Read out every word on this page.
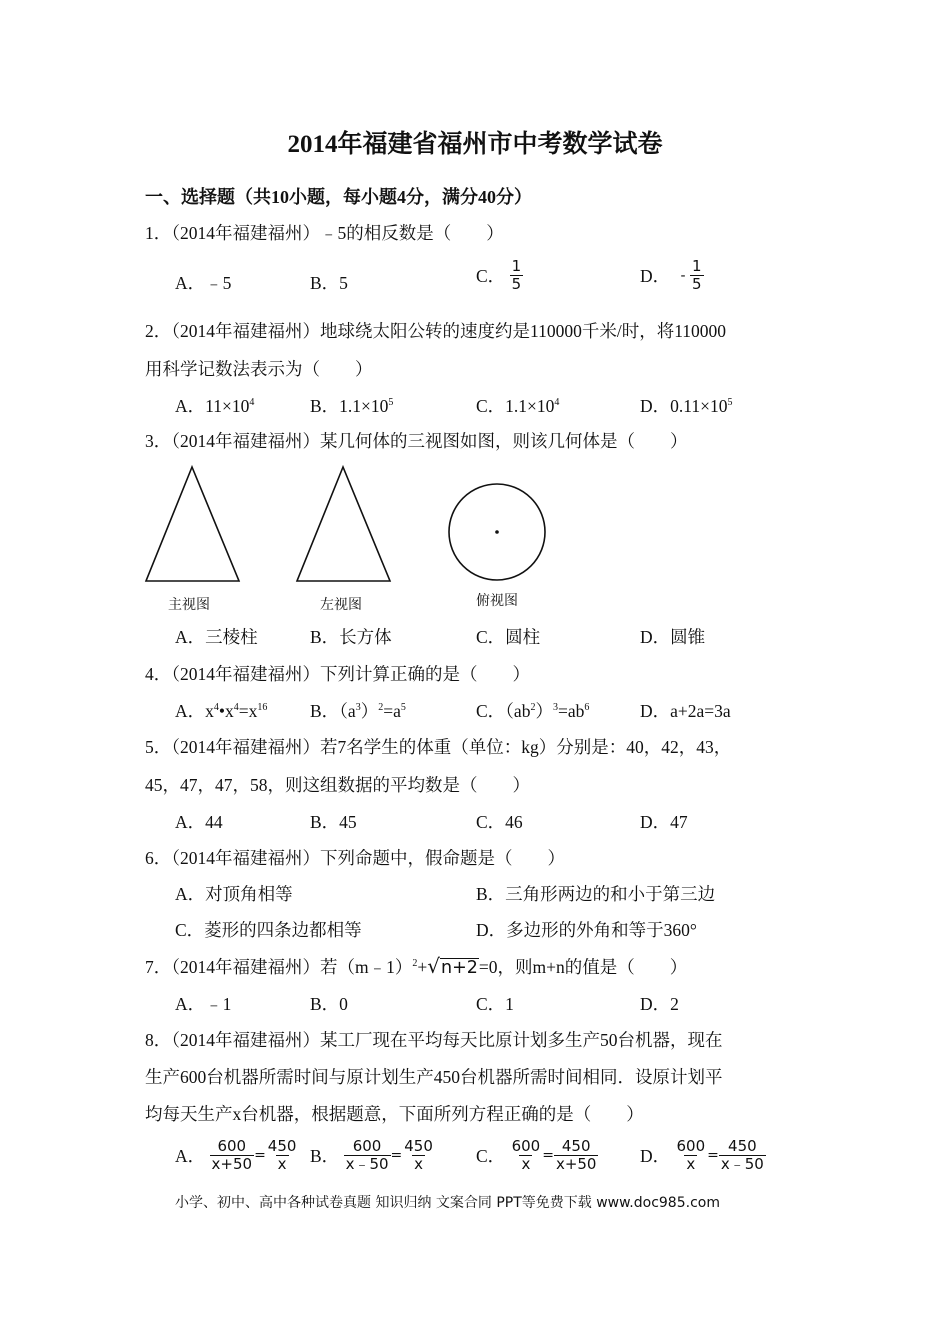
2014年福建省福州市中考数学试卷
一、选择题（共10小题，每小题4分，满分40分）
1．（2014年福建福州）﹣5的相反数是（　　）
A．﹣5	B．5	C． $\frac{1}{5}$	D． - $\frac{1}{5}$
2．（2014年福建福州）地球绕太阳公转的速度约是110000千米/时，将110000
用科学记数法表示为（　　）
A．$11\times 10^4$	B．$1.1\times 10^5$	C．$1.1\times 10^4$	D．$0.11\times 10^5$
3．（2014年福建福州）某几何体的三视图如图，则该几何体是（　　）
主视图	左视图	俯视图
A．三棱柱	B．长方体	C．圆柱	D．圆锥
4．（2014年福建福州）下列计算正确的是（　　）
A．$x^4•x^4=x^{16}$ B．$(a^3)^2=a^5$	C．$(ab^2)^3=ab^6$	D．a+2a=3a
5．（2014年福建福州）若7名学生的体重（单位：kg）分别是：40，42，43，
45，47，47，58，则这组数据的平均数是（　　）
A．44	B．45	C．46	D．47
6．（2014年福建福州）下列命题中，假命题是（　　）
A．对顶角相等	B．三角形两边的和小于第三边
C．菱形的四条边都相等	D．多边形的外角和等于360°
7．（2014年福建福州）若（m﹣1）$^2$+√n+2=0，则m+n的值是（　　）
A．﹣1	B．0	C．1	D．2
8．（2014年福建福州）某工厂现在平均每天比原计划多生产50台机器，现在
生产600台机器所需时间与原计划生产450台机器所需时间相同．设原计划平
均每天生产x台机器，根据题意，下面所列方程正确的是（　　）
A． $\frac{600}{x+50} = \frac{450}{x}$ B． $\frac{600}{x﹣50} = \frac{450}{x}$ C． $\frac{600}{x} = \frac{450}{x+50}$ D． $\frac{600}{x} = \frac{450}{x﹣50}$
小学、初中、高中各种试卷真题 知识归纳 文案合同 PPT等免费下载 www.doc985.com
